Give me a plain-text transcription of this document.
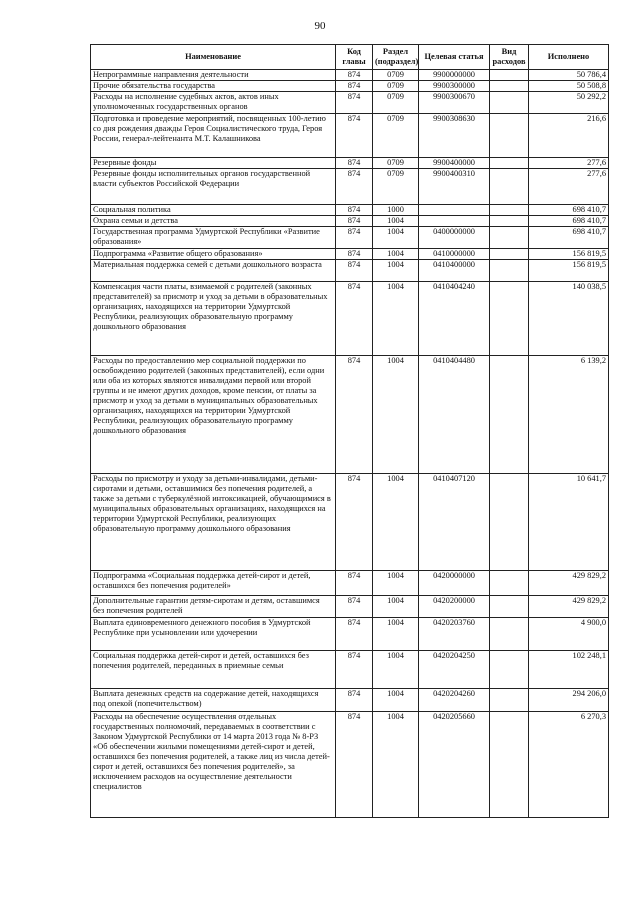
90
Наименование	Код главы	Раздел (подраздел)	Целевая статья	Вид расходов	Исполнено
Непрограммные направления деятельности	874	0709	9900000000		50 786,4
Прочие обязательства государства	874	0709	9900300000		50 508,8
Расходы на исполнение судебных актов, актов иных уполномоченных государственных органов	874	0709	9900300670		50 292,2
Подготовка и проведение мероприятий, посвященных 100-летию со дня рождения дважды Героя Социалистического труда, Героя России, генерал-лейтенанта М.Т. Калашникова	874	0709	9900308630		216,6
Резервные фонды	874	0709	9900400000		277,6
Резервные фонды исполнительных органов государственной власти субъектов Российской Федерации	874	0709	9900400310		277,6
Социальная политика	874	1000			698 410,7
Охрана семьи и детства	874	1004			698 410,7
Государственная программа Удмуртской Республики «Развитие образования»	874	1004	0400000000		698 410,7
Подпрограмма «Развитие общего образования»	874	1004	0410000000		156 819,5
Материальная поддержка семей с детьми дошкольного возраста	874	1004	0410400000		156 819,5
Компенсация части платы, взимаемой с родителей (законных представителей) за присмотр и уход за детьми в образовательных организациях, находящихся на территории Удмуртской Республики, реализующих образовательную программу дошкольного образования	874	1004	0410404240		140 038,5
Расходы по предоставлению мер социальной поддержки по освобождению родителей (законных представителей), если одни или оба из которых являются инвалидами первой или второй группы и не имеют других доходов, кроме пенсии, от платы за присмотр и уход за детьми в муниципальных образовательных организациях, находящихся на территории Удмуртской Республики, реализующих образовательную программу дошкольного образования	874	1004	0410404480		6 139,2
Расходы по присмотру и уходу за детьми-инвалидами, детьми-сиротами и детьми, оставшимися без попечения родителей, а также за детьми с туберкулёзной интоксикацией, обучающимися в муниципальных образовательных организациях, находящихся на территории Удмуртской Республики, реализующих образовательную программу дошкольного образования	874	1004	0410407120		10 641,7
Подпрограмма «Социальная поддержка детей-сирот и детей, оставшихся без попечения родителей»	874	1004	0420000000		429 829,2
Дополнительные гарантии детям-сиротам и детям, оставшимся без попечения родителей	874	1004	0420200000		429 829,2
Выплата единовременного денежного пособия в Удмуртской Республике при усыновлении или удочерении	874	1004	0420203760		4 900,0
Социальная поддержка детей-сирот и детей, оставшихся без попечения родителей, переданных в приемные семьи	874	1004	0420204250		102 248,1
Выплата денежных средств на содержание детей, находящихся под опекой (попечительством)	874	1004	0420204260		294 206,0
Расходы на обеспечение осуществления отдельных государственных полномочий, передаваемых в соответствии с Законом Удмуртской Республики от 14 марта 2013 года № 8-РЗ «Об обеспечении жилыми помещениями детей-сирот и детей, оставшихся без попечения родителей, а также лиц из числа детей-сирот и детей, оставшихся без попечения родителей», за исключением расходов на осуществление деятельности специалистов	874	1004	0420205660		6 270,3
